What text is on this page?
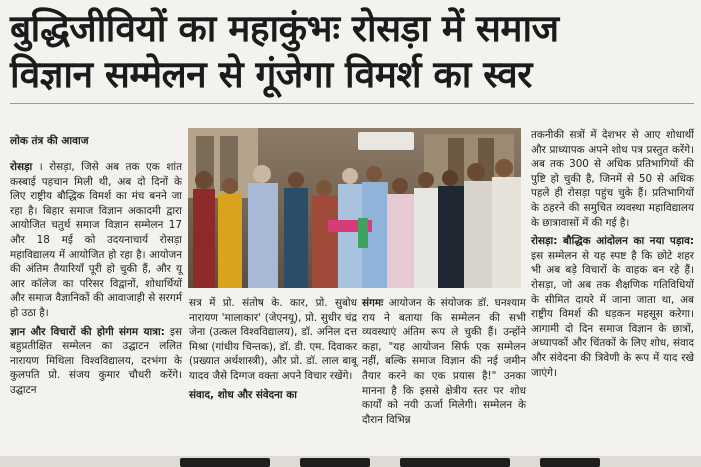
बुद्धिजीवियों का महाकुंभः रोसड़ा में समाज
विज्ञान सम्मेलन से गूंजेगा विमर्श का स्वर
लोक तंत्र की आवाज

रोसड़ा । रोसड़ा, जिसे अब तक एक शांत कस्बाई पहचान मिली थी, अब दो दिनों के लिए राष्ट्रीय बौद्धिक विमर्श का मंच बनने जा रहा है। बिहार समाज विज्ञान अकादमी द्वारा आयोजित चतुर्थ समाज विज्ञान सम्मेलन 17 और 18 मई को उदयनाचार्य रोसड़ा महाविद्यालय में आयोजित हो रहा है। आयोजन की अंतिम तैयारियाँ पूरी हो चुकी हैं, और यू आर कॉलेज का परिसर विद्वानों, शोधार्थियों और समाज वैज्ञानिकों की आवाजाही से सरगर्म हो उठा है।

ज्ञान और विचारों की होगी संगम यात्रा: इस बहुप्रतीक्षित सम्मेलन का उद्घाटन ललित नारायण मिथिला विश्वविद्यालय, दरभंगा के कुलपति प्रो. संजय कुमार चौधरी करेंगे। उद्घाटन

सत्र में प्रो. संतोष के. कार, प्रो. सुबोध नारायण 'मालाकार' (जेएनयू), प्रो. सुधीर चंद्र जेना (उत्कल विश्वविद्यालय), डॉ. अनिल दत्त मिश्रा (गांधीय चिन्तक), डॉ. डी. एम. दिवाकर (प्रख्यात अर्थशास्त्री), और प्रो. डॉ. लाल बाबू यादव जैसे दिग्गज वक्ता अपने विचार रखेंगे।

संवाद, शोध और संवेदना का

संगमः आयोजन के संयोजक डॉ. घनश्याम राय ने बताया कि सम्मेलन की सभी व्यवस्थाएं अंतिम रूप ले चुकी हैं। उन्होंने कहा, "यह आयोजन सिर्फ एक सम्मेलन नहीं, बल्कि समाज विज्ञान की नई जमीन तैयार करने का एक प्रयास है!" उनका मानना है कि इससे क्षेत्रीय स्तर पर शोध कार्यों को नयी ऊर्जा मिलेगी। सम्मेलन के दौरान विभिन्न

तकनीकी सत्रों में देशभर से आए शोधार्थी और प्राध्यापक अपने शोध पत्र प्रस्तुत करेंगे। अब तक 300 से अधिक प्रतिभागियों की पुष्टि हो चुकी है, जिनमें से 50 से अधिक पहले ही रोसड़ा पहुंच चुके हैं। प्रतिभागियों के ठहरने की समुचित व्यवस्था महाविद्यालय के छात्रावासों में की गई है।

रोसड़ा: बौद्धिक आंदोलन का नया पड़ाव: इस सम्मेलन से यह स्पष्ट है कि छोटे शहर भी अब बड़े विचारों के वाहक बन रहे हैं। रोसड़ा, जो अब तक शैक्षणिक गतिविधियों के सीमित दायरे में जाना जाता था, अब राष्ट्रीय विमर्श की धड़कन महसूस करेगा। आगामी दो दिन समाज विज्ञान के छात्रों, अध्यापकों और चिंतकों के लिए शोध, संवाद और संवेदना की त्रिवेणी के रूप में याद रखे जाएंगे।
